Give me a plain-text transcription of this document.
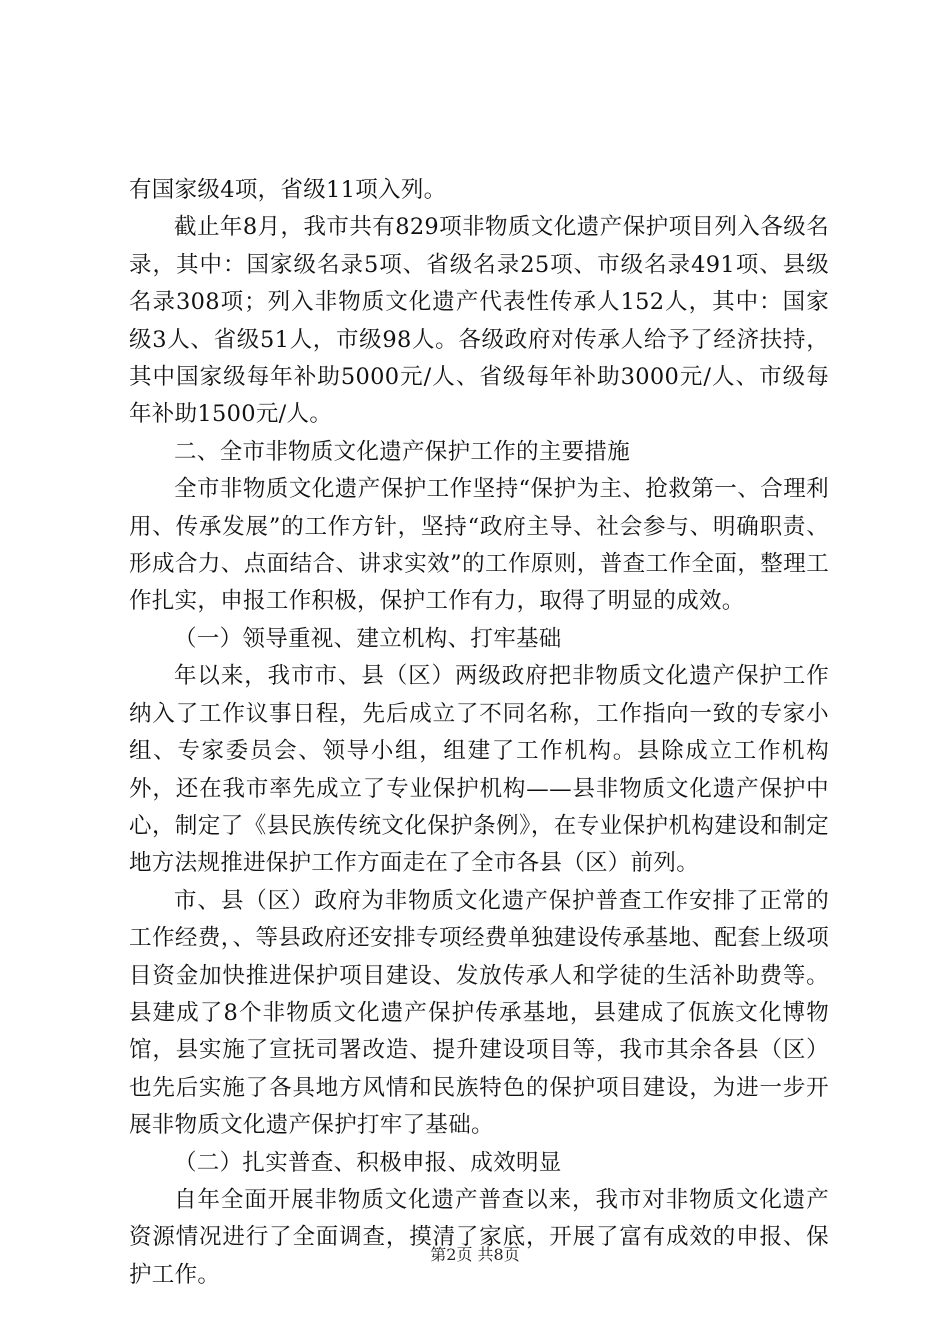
有国家级4项，省级11项入列。

截止年8月，我市共有829项非物质文化遗产保护项目列入各级名录，其中：国家级名录5项、省级名录25项、市级名录491项、县级名录308项；列入非物质文化遗产代表性传承人152人，其中：国家级3人、省级51人，市级98人。各级政府对传承人给予了经济扶持，其中国家级每年补助5000元/人、省级每年补助3000元/人、市级每年补助1500元/人。

二、全市非物质文化遗产保护工作的主要措施

全市非物质文化遗产保护工作坚持“保护为主、抢救第一、合理利用、传承发展”的工作方针，坚持“政府主导、社会参与、明确职责、形成合力、点面结合、讲求实效”的工作原则，普查工作全面，整理工作扎实，申报工作积极，保护工作有力，取得了明显的成效。

（一）领导重视、建立机构、打牢基础

年以来，我市市、县（区）两级政府把非物质文化遗产保护工作纳入了工作议事日程，先后成立了不同名称，工作指向一致的专家小组、专家委员会、领导小组，组建了工作机构。县除成立工作机构外，还在我市率先成立了专业保护机构——县非物质文化遗产保护中心，制定了《县民族传统文化保护条例》，在专业保护机构建设和制定地方法规推进保护工作方面走在了全市各县（区）前列。

市、县（区）政府为非物质文化遗产保护普查工作安排了正常的工作经费，、等县政府还安排专项经费单独建设传承基地、配套上级项目资金加快推进保护项目建设、发放传承人和学徒的生活补助费等。县建成了8个非物质文化遗产保护传承基地，县建成了佤族文化博物馆，县实施了宣抚司署改造、提升建设项目等，我市其余各县（区）也先后实施了各具地方风情和民族特色的保护项目建设，为进一步开展非物质文化遗产保护打牢了基础。

（二）扎实普查、积极申报、成效明显

自年全面开展非物质文化遗产普查以来，我市对非物质文化遗产资源情况进行了全面调查，摸清了家底，开展了富有成效的申报、保护工作。

第2页 共8页
